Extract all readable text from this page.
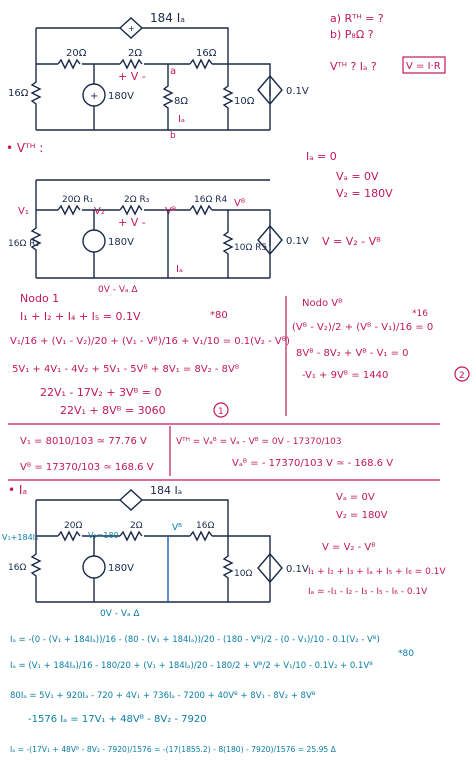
+
184 Iₐ
20Ω	2Ω	16Ω
16Ω	+ 180V
+ V - a
8Ω
Iₐ
b
10Ω
0.1V
a) Rᵀᴴ = ?
b) P₈Ω ?
Vᵀᴴ ? Iₐ ?	V = I·R
• Vᵀᴴ :
Iₐ = 0
Vₐ = 0V
V₂ = 180V
V = V₂ - Vᴮ
20Ω R₁	2Ω R₃	16Ω R4
V₁	V₂	Vᴮ
Vᴮ
16Ω R₁	180V
+ V -
Iₐ
10Ω R5
0.1V
0V - Vₐ Δ
Nodo 1
I₁ + I₂ + I₄ + I₅ = 0.1V	*80
V₁/16 + (V₁ - V₂)/20 + (V₁ - Vᴮ)/16 + V₁/10 = 0.1(V₂ - Vᴮ)
5V₁ + 4V₁ - 4V₂ + 5V₁ - 5Vᴮ + 8V₁ = 8V₂ - 8Vᴮ
22V₁ - 17V₂ + 3Vᴮ = 0
22V₁ + 8Vᴮ = 3060	1
Nodo Vᴮ
(Vᴮ - V₂)/2 + (Vᴮ - V₁)/16 = 0
*16
8Vᴮ - 8V₂ + Vᴮ - V₁ = 0
-V₁ + 9Vᴮ = 1440	2
V₁ = 8010/103 ≃ 77.76 V
Vᴮ = 17370/103 ≃ 168.6 V
Vᵀᴴ = Vₐᴮ = Vₐ - Vᴮ = 0V - 17370/103
Vₐᴮ = - 17370/103 V ≃ - 168.6 V
• Iₐ
Vₐ = 0V
V₂ = 180V
V = V₂ - Vᴮ
I₁ + I₂ + I₃ + Iₐ + I₅ + I₆ = 0.1V
Iₐ = -I₁ - I₂ - I₃ - I₅ - I₆ - 0.1V
184 Iₐ
20Ω	2Ω	16Ω
V₁+184Iₐ	V₂=180
Vᴮ
16Ω	180V	10Ω	0.1V
0V - Vₐ Δ
Iₐ = -(0 - (V₁ + 184Iₐ))/16 - (80 - (V₁ + 184Iₐ))/20 - (180 - Vᴮ)/2 - (0 - V₁)/10 - 0.1(V₂ - Vᴮ)
Iₐ = (V₁ + 184Iₐ)/16 - 180/20 + (V₁ + 184Iₐ)/20 - 180/2 + Vᴮ/2 + V₁/10 - 0.1V₂ + 0.1Vᴮ
*80
80Iₐ = 5V₁ + 920Iₐ - 720 + 4V₁ + 736Iₐ - 7200 + 40Vᴮ + 8V₁ - 8V₂ + 8Vᴮ
-1576 Iₐ = 17V₁ + 48Vᴮ - 8V₂ - 7920
Iₐ = -(17V₁ + 48Vᴮ - 8V₂ - 7920)/1576 = -(17(1855.2) - 8(180) - 7920)/1576 = 25.95 Δ
